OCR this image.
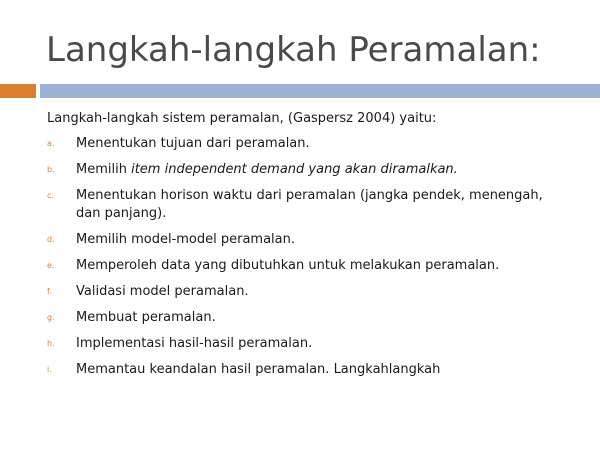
Langkah-langkah Peramalan:

Langkah-langkah sistem peramalan, (Gaspersz 2004) yaitu:

a.	Menentukan tujuan dari peramalan.
b.	Memilih item independent demand yang akan diramalkan.
c.	Menentukan horison waktu dari peramalan (jangka pendek, menengah, dan panjang).
d.	Memilih model-model peramalan.
e.	Memperoleh data yang dibutuhkan untuk melakukan peramalan.
f.	Validasi model peramalan.
g.	Membuat peramalan.
h.	Implementasi hasil-hasil peramalan.
i.	Memantau keandalan hasil peramalan. Langkahlangkah
